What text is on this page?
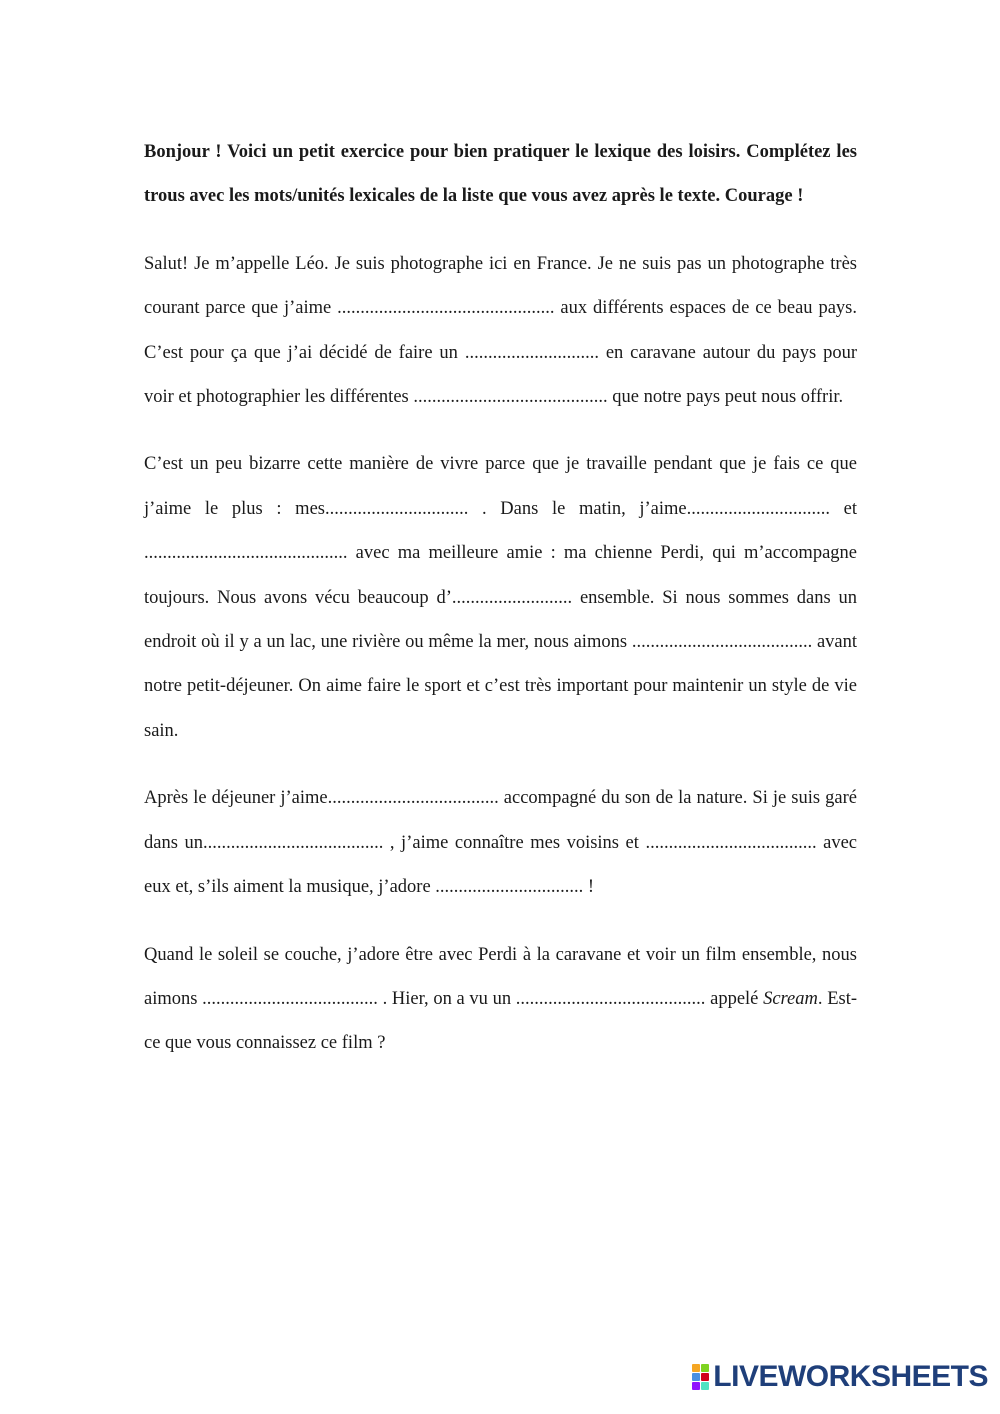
Bonjour ! Voici un petit exercice pour bien pratiquer le lexique des loisirs. Complétez les trous avec les mots/unités lexicales de la liste que vous avez après le texte. Courage !

Salut! Je m’appelle Léo. Je suis photographe ici en France. Je ne suis pas un photographe très courant parce que j’aime ............................................... aux différents espaces de ce beau pays. C’est pour ça que j’ai décidé de faire un ............................. en caravane autour du pays pour voir et photographier les différentes .......................................... que notre pays peut nous offrir.

C’est un peu bizarre cette manière de vivre parce que je travaille pendant que je fais ce que j’aime le plus : mes............................... . Dans le matin, j’aime............................... et ............................................ avec ma meilleure amie : ma chienne Perdi, qui m’accompagne toujours. Nous avons vécu beaucoup d’.......................... ensemble. Si nous sommes dans un endroit où il y a un lac, une rivière ou même la mer, nous aimons ....................................... avant notre petit-déjeuner. On aime faire le sport et c’est très important pour maintenir un style de vie sain.

Après le déjeuner j’aime..................................... accompagné du son de la nature. Si je suis garé dans un....................................... , j’aime connaître mes voisins et ..................................... avec eux et, s’ils aiment la musique, j’adore ................................ !

Quand le soleil se couche, j’adore être avec Perdi à la caravane et voir un film ensemble, nous aimons ...................................... . Hier, on a vu un ......................................... appelé Scream. Est-ce que vous connaissez ce film ?

LIVEWORKSHEETS
